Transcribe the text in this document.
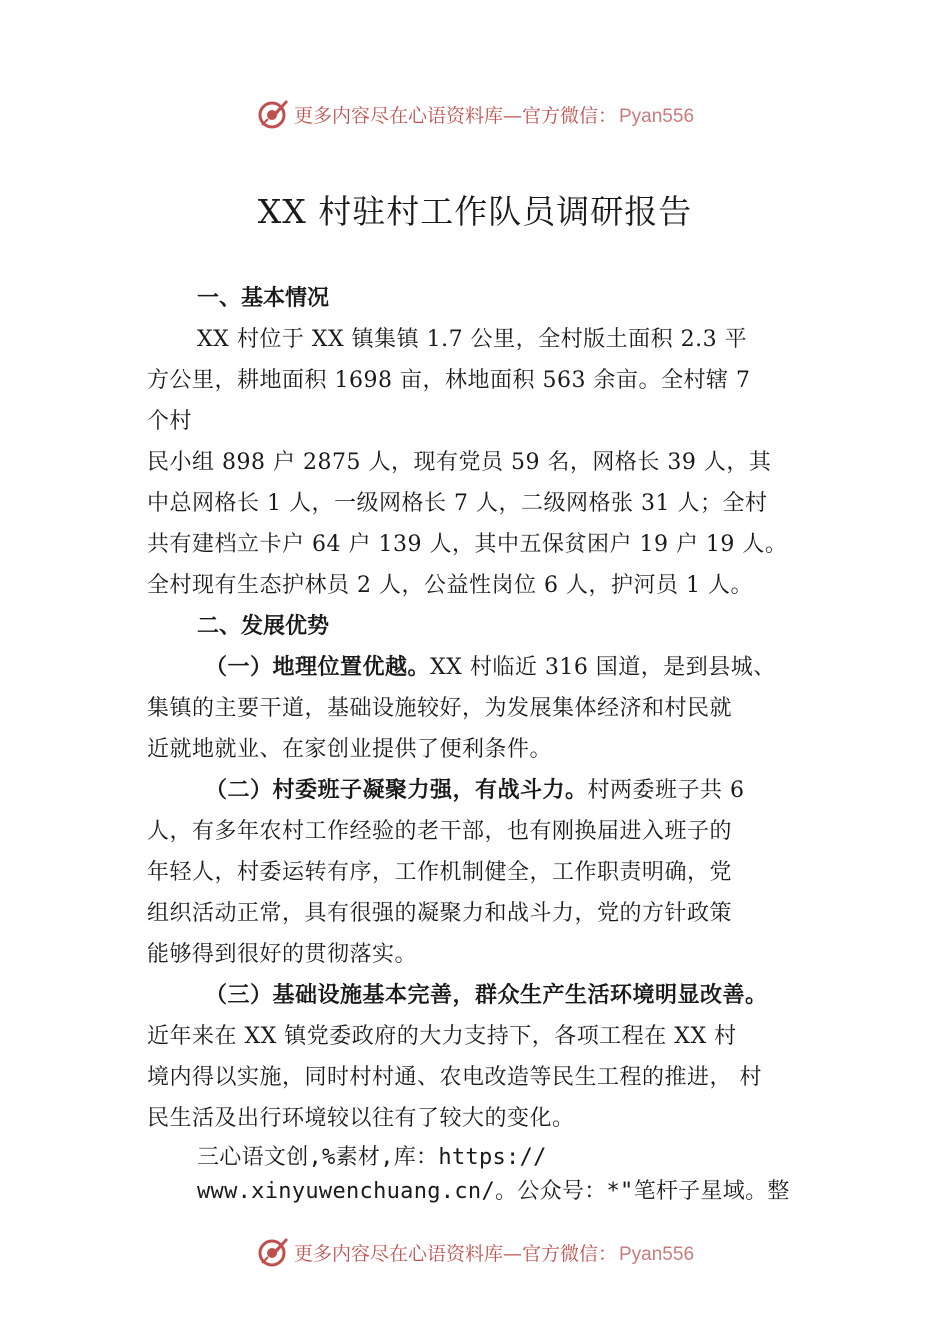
更多内容尽在心语资料库—官方微信： Pyan556
XX 村驻村工作队员调研报告
一、基本情况
XX 村位于 XX 镇集镇 1.7 公里，全村版土面积 2.3 平
方公里，耕地面积 1698 亩，林地面积 563 余亩。全村辖 7
个村
民小组 898 户 2875 人，现有党员 59 名，网格长 39 人，其
中总网格长 1 人，一级网格长 7 人，二级网格张 31 人；全村
共有建档立卡户 64 户 139 人，其中五保贫困户 19 户 19 人。
全村现有生态护林员 2 人，公益性岗位 6 人，护河员 1 人。
二、发展优势
（一）地理位置优越。XX 村临近 316 国道，是到县城、
集镇的主要干道，基础设施较好，为发展集体经济和村民就
近就地就业、在家创业提供了便利条件。
（二）村委班子凝聚力强，有战斗力。村两委班子共 6
人，有多年农村工作经验的老干部，也有刚换届进入班子的
年轻人，村委运转有序，工作机制健全，工作职责明确，党
组织活动正常，具有很强的凝聚力和战斗力，党的方针政策
能够得到很好的贯彻落实。
（三）基础设施基本完善，群众生产生活环境明显改善。
近年来在 XX 镇党委政府的大力支持下，各项工程在 XX 村
境内得以实施，同时村村通、农电改造等民生工程的推进， 村
民生活及出行环境较以往有了较大的变化。
三心语文创,%素材,库：https://
www.xinyuwenchuang.cn/。公众号：*"笔杆子星域。整
更多内容尽在心语资料库—官方微信： Pyan556
